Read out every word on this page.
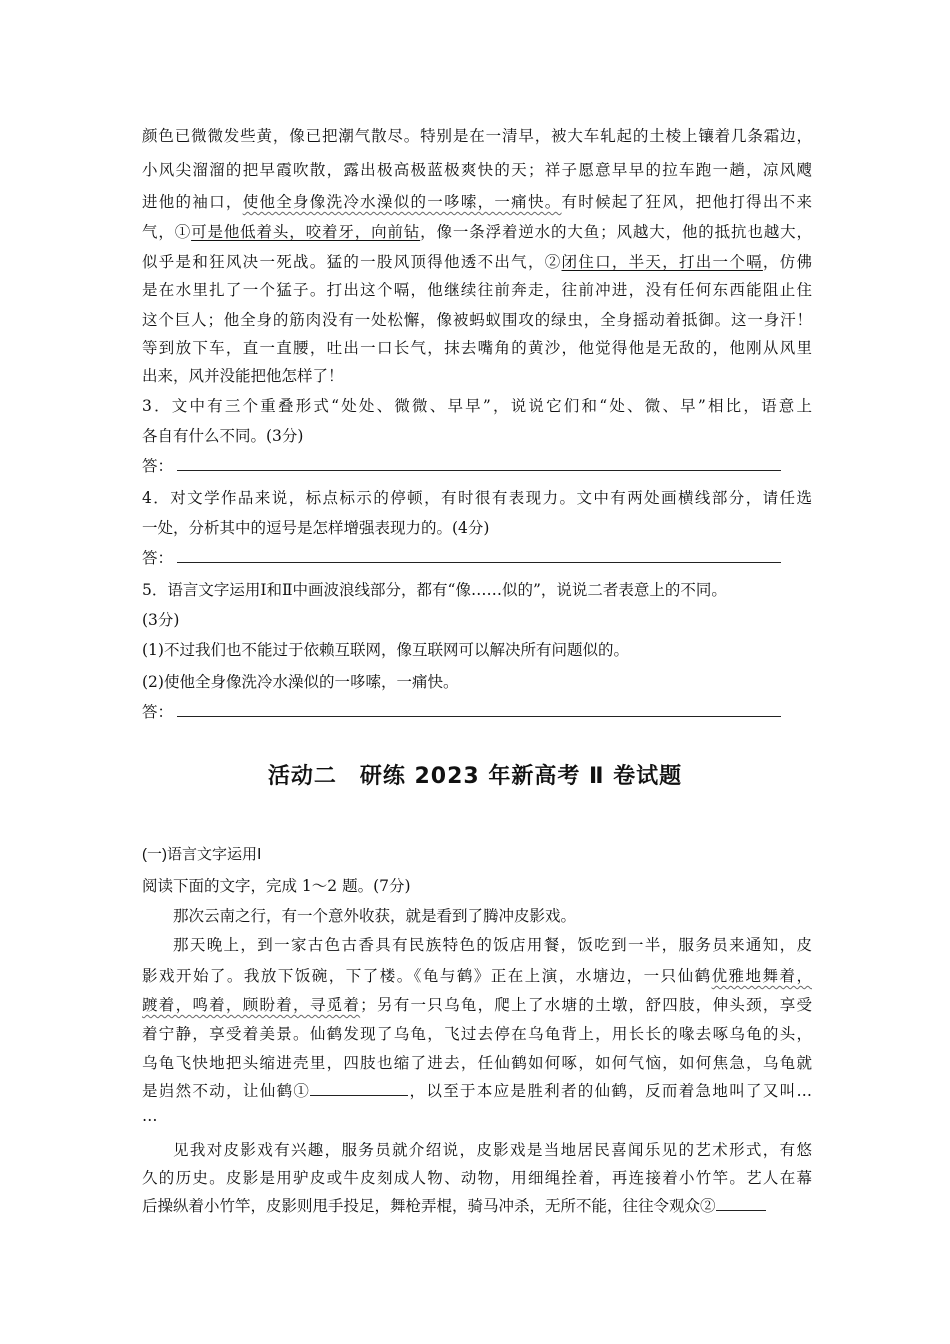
颜色已微微发些黄，像已把潮气散尽。特别是在一清早，被大车轧起的土棱上镶着几条霜边，
小风尖溜溜的把早霞吹散，露出极高极蓝极爽快的天；祥子愿意早早的拉车跑一趟，凉风飕
进他的袖口，使他全身像洗冷水澡似的一哆嗦，一痛快。有时候起了狂风，把他打得出不来
气，①可是他低着头，咬着牙，向前钻，像一条浮着逆水的大鱼；风越大，他的抵抗也越大，
似乎是和狂风决一死战。猛的一股风顶得他透不出气，②闭住口，半天，打出一个嗝，仿佛
是在水里扎了一个猛子。打出这个嗝，他继续往前奔走，往前冲进，没有任何东西能阻止住
这个巨人；他全身的筋肉没有一处松懈，像被蚂蚁围攻的绿虫，全身摇动着抵御。这一身汗！
等到放下车，直一直腰，吐出一口长气，抹去嘴角的黄沙，他觉得他是无敌的，他刚从风里
出来，风并没能把他怎样了！
3．文中有三个重叠形式“处处、微微、早早”，说说它们和“处、微、早”相比，语意上
各自有什么不同。(3分)
答：
4．对文学作品来说，标点标示的停顿，有时很有表现力。文中有两处画横线部分，请任选
一处，分析其中的逗号是怎样增强表现力的。(4分)
答：
5．语言文字运用Ⅰ和Ⅱ中画波浪线部分，都有“像……似的”，说说二者表意上的不同。
(3分)
(1)不过我们也不能过于依赖互联网，像互联网可以解决所有问题似的。
(2)使他全身像洗冷水澡似的一哆嗦，一痛快。
答：
活动二　研练 2023 年新高考 Ⅱ 卷试题
(一)语言文字运用Ⅰ
阅读下面的文字，完成 1～2 题。(7分)
那次云南之行，有一个意外收获，就是看到了腾冲皮影戏。
那天晚上，到一家古色古香具有民族特色的饭店用餐，饭吃到一半，服务员来通知，皮
影戏开始了。我放下饭碗，下了楼。《龟与鹤》正在上演，水塘边，一只仙鹤优雅地舞着，
踱着，鸣着，顾盼着，寻觅着；另有一只乌龟，爬上了水塘的土墩，舒四肢，伸头颈，享受
着宁静，享受着美景。仙鹤发现了乌龟，飞过去停在乌龟背上，用长长的喙去啄乌龟的头，
乌龟飞快地把头缩进壳里，四肢也缩了进去，任仙鹤如何啄，如何气恼，如何焦急，乌龟就
是岿然不动，让仙鹤①	，以至于本应是胜利者的仙鹤，反而着急地叫了又叫…
…
见我对皮影戏有兴趣，服务员就介绍说，皮影戏是当地居民喜闻乐见的艺术形式，有悠
久的历史。皮影是用驴皮或牛皮刻成人物、动物，用细绳拴着，再连接着小竹竿。艺人在幕
后操纵着小竹竿，皮影则甩手投足，舞枪弄棍，骑马冲杀，无所不能，往往令观众②
